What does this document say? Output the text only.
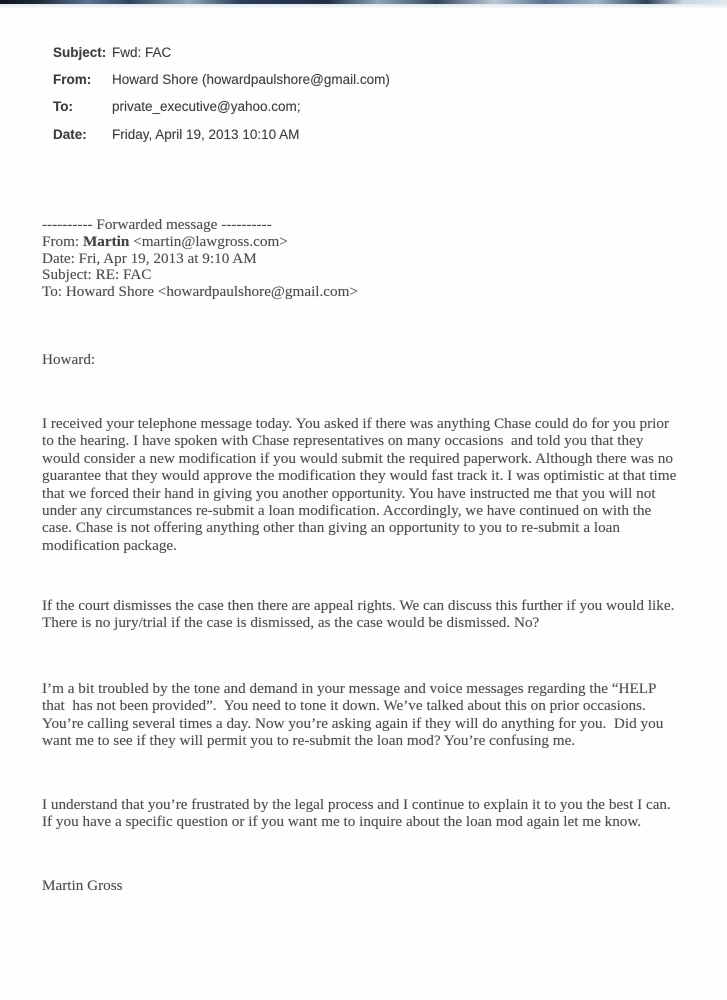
Subject: Fwd: FAC
From:	Howard Shore (howardpaulshore@gmail.com)
To:	private_executive@yahoo.com;
Date:	Friday, April 19, 2013 10:10 AM
---------- Forwarded message ----------
From: Martin <martin@lawgross.com>
Date: Fri, Apr 19, 2013 at 9:10 AM
Subject: RE: FAC
To: Howard Shore <howardpaulshore@gmail.com>
Howard:
I received your telephone message today. You asked if there was anything Chase could do for you prior
to the hearing. I have spoken with Chase representatives on many occasions  and told you that they
would consider a new modification if you would submit the required paperwork. Although there was no
guarantee that they would approve the modification they would fast track it. I was optimistic at that time
that we forced their hand in giving you another opportunity. You have instructed me that you will not
under any circumstances re-submit a loan modification. Accordingly, we have continued on with the
case. Chase is not offering anything other than giving an opportunity to you to re-submit a loan
modification package.
If the court dismisses the case then there are appeal rights. We can discuss this further if you would like.
There is no jury/trial if the case is dismissed, as the case would be dismissed. No?
I’m a bit troubled by the tone and demand in your message and voice messages regarding the “HELP
that  has not been provided”.  You need to tone it down. We’ve talked about this on prior occasions.
You’re calling several times a day. Now you’re asking again if they will do anything for you.  Did you
want me to see if they will permit you to re-submit the loan mod? You’re confusing me.
I understand that you’re frustrated by the legal process and I continue to explain it to you the best I can.
If you have a specific question or if you want me to inquire about the loan mod again let me know.
Martin Gross
